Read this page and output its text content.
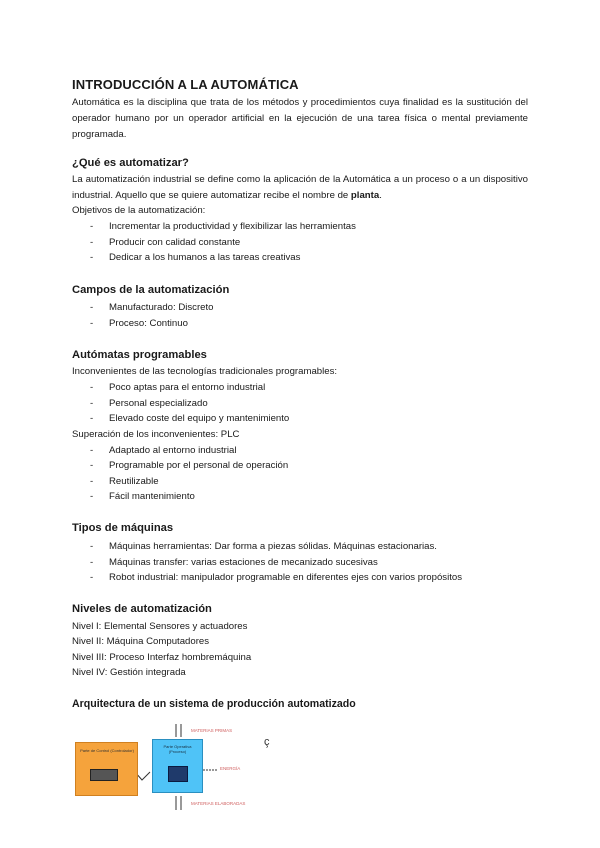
INTRODUCCIÓN A LA AUTOMÁTICA
Automática es la disciplina que trata de los métodos y procedimientos cuya finalidad es la sustitución del operador humano por un operador artificial en la ejecución de una tarea física o mental previamente programada.
¿Qué es automatizar?
La automatización industrial se define como la aplicación de la Automática a un proceso o a un dispositivo industrial. Aquello que se quiere automatizar recibe el nombre de planta.
Objetivos de la automatización:
- Incrementar la productividad y flexibilizar las herramientas
- Producir con calidad constante
- Dedicar a los humanos a las tareas creativas
Campos de la automatización
- Manufacturado: Discreto
- Proceso: Continuo
Autómatas programables
Inconvenientes de las tecnologías tradicionales programables:
- Poco aptas para el entorno industrial
- Personal especializado
- Elevado coste del equipo y mantenimiento
Superación de los inconvenientes: PLC
- Adaptado al entorno industrial
- Programable por el personal de operación
- Reutilizable
- Fácil mantenimiento
Tipos de máquinas
- Máquinas herramientas: Dar forma a piezas sólidas. Máquinas estacionarias.
- Máquinas transfer: varias estaciones de mecanizado sucesivas
- Robot industrial: manipulador programable en diferentes ejes con varios propósitos
Niveles de automatización
Nivel I: Elemental Sensores y actuadores
Nivel II: Máquina Computadores
Nivel III: Proceso Interfaz hombremáquina
Nivel IV: Gestión integrada
Arquitectura de un sistema de producción automatizado
Parte de Control (Controlador)
Parte Operativa (Proceso)
MATERIAS PRIMAS
ENERGÍA
MATERIAS ELABORADAS
ç
